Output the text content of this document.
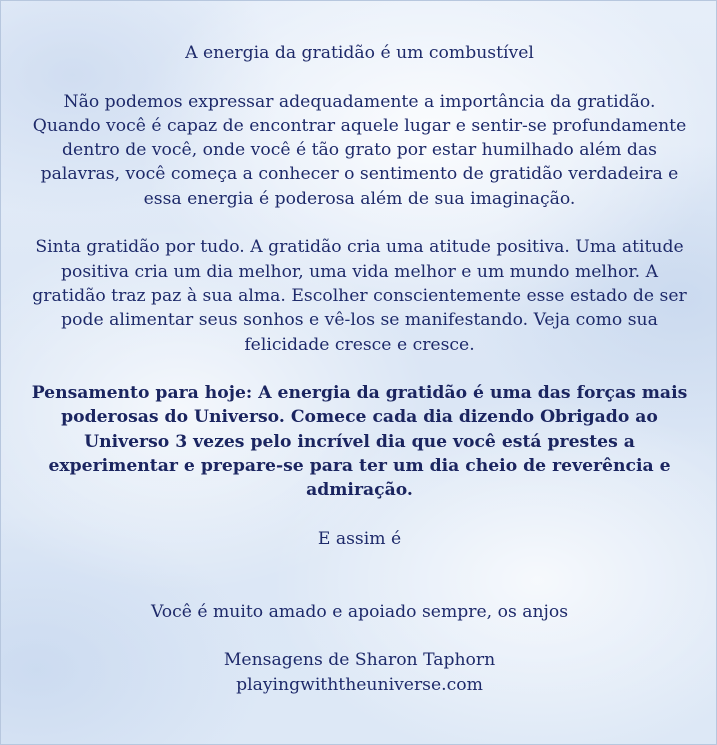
A energia da gratidão é um combustível

Não podemos expressar adequadamente a importância da gratidão. Quando você é capaz de encontrar aquele lugar e sentir-se profundamente dentro de você, onde você é tão grato por estar humilhado além das palavras, você começa a conhecer o sentimento de gratidão verdadeira e essa energia é poderosa além de sua imaginação.

Sinta gratidão por tudo. A gratidão cria uma atitude positiva. Uma atitude positiva cria um dia melhor, uma vida melhor e um mundo melhor. A gratidão traz paz à sua alma. Escolher conscientemente esse estado de ser pode alimentar seus sonhos e vê-los se manifestando. Veja como sua felicidade cresce e cresce.

Pensamento para hoje: A energia da gratidão é uma das forças mais poderosas do Universo. Comece cada dia dizendo Obrigado ao Universo 3 vezes pelo incrível dia que você está prestes a experimentar e prepare-se para ter um dia cheio de reverência e admiração.

E assim é

Você é muito amado e apoiado sempre, os anjos

Mensagens de Sharon Taphorn

playingwiththeuniverse.com
